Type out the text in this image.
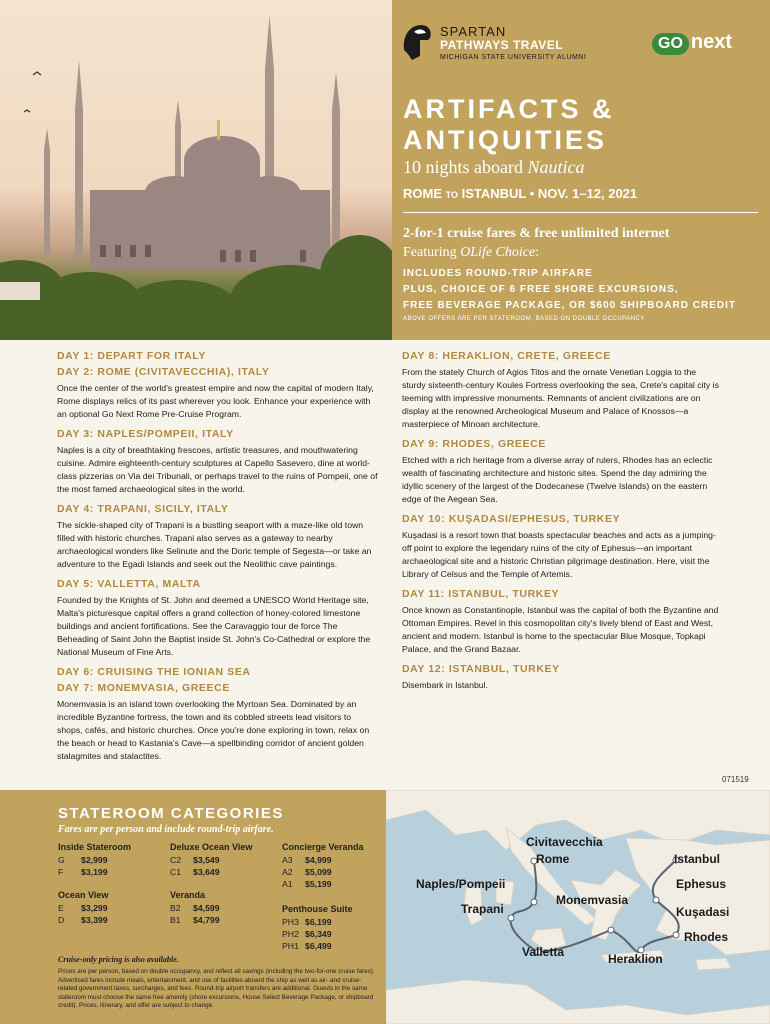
SPARTAN
PATHWAYS TRAVEL
MICHIGAN STATE UNIVERSITY ALUMNI
GO next
ARTIFACTS &
ANTIQUITIES
10 nights aboard Nautica
ROME TO ISTANBUL • NOV. 1–12, 2021
2-for-1 cruise fares & free unlimited internet
Featuring OLife Choice:
INCLUDES ROUND-TRIP AIRFARE
PLUS, CHOICE OF 6 FREE SHORE EXCURSIONS,
FREE BEVERAGE PACKAGE, OR $600 SHIPBOARD CREDIT
ABOVE OFFERS ARE PER STATEROOM, BASED ON DOUBLE OCCUPANCY
DAY 1: DEPART FOR ITALY
DAY 2: ROME (CIVITAVECCHIA), ITALY
Once the center of the world's greatest empire and now the capital of modern Italy, Rome displays relics of its past wherever you look. Enhance your experience with an optional Go Next Rome Pre-Cruise Program.
DAY 3: NAPLES/POMPEII, ITALY
Naples is a city of breathtaking frescoes, artistic treasures, and mouthwatering cuisine. Admire eighteenth-century sculptures at Capello Sasevero, dine at world-class pizzerias on Via dei Tribunali, or perhaps travel to the ruins of Pompeii, one of the most famed archaeological sites in the world.
DAY 4: TRAPANI, SICILY, ITALY
The sickle-shaped city of Trapani is a bustling seaport with a maze-like old town filled with historic churches. Trapani also serves as a gateway to nearby archaeological wonders like Selinute and the Doric temple of Segesta—or take an adventure to the Egadi Islands and seek out the Neolithic cave paintings.
DAY 5: VALLETTA, MALTA
Founded by the Knights of St. John and deemed a UNESCO World Heritage site, Malta's picturesque capital offers a grand collection of honey-colored limestone buildings and ancient fortifications. See the Caravaggio tour de force The Beheading of Saint John the Baptist inside St. John's Co-Cathedral or explore the National Museum of Fine Arts.
DAY 6: CRUISING THE IONIAN SEA
DAY 7: MONEMVASIA, GREECE
Monemvasia is an island town overlooking the Myrtoan Sea. Dominated by an incredible Byzantine fortress, the town and its cobbled streets lead visitors to shops, cafés, and historic churches. Once you're done exploring in town, relax on the beach or head to Kastania's Cave—a spellbinding corridor of ancient golden stalagmites and stalactites.
DAY 8: HERAKLION, CRETE, GREECE
From the stately Church of Agios Titos and the ornate Venetian Loggia to the sturdy sixteenth-century Koules Fortress overlooking the sea, Crete's capital city is teeming with impressive monuments. Remnants of ancient civilizations are on display at the renowned Archeological Museum and Palace of Knossos—a masterpiece of Minoan architecture.
DAY 9: RHODES, GREECE
Etched with a rich heritage from a diverse array of rulers, Rhodes has an eclectic wealth of fascinating architecture and historic sites. Spend the day admiring the idyllic scenery of the largest of the Dodecanese (Twelve Islands) on the eastern edge of the Aegean Sea.
DAY 10: KUŞADASI/EPHESUS, TURKEY
Kuşadasi is a resort town that boasts spectacular beaches and acts as a jumping-off point to explore the legendary ruins of the city of Ephesus—an important archaeological site and a historic Christian pilgrimage destination. Here, visit the Library of Celsus and the Temple of Artemis.
DAY 11: ISTANBUL, TURKEY
Once known as Constantinople, Istanbul was the capital of both the Byzantine and Ottoman Empires. Revel in this cosmopolitan city's lively blend of East and West, ancient and modern. Istanbul is home to the spectacular Blue Mosque, Topkapi Palace, and the Grand Bazaar.
DAY 12: ISTANBUL, TURKEY
Disembark in Istanbul.
071519
STATEROOM CATEGORIES
Fares are per person and include round-trip airfare.
Inside Stateroom
G	$2,999
F	$3,199
Ocean View
E	$3,299
D	$3,399
Deluxe Ocean View
C2	$3,549
C1	$3,649
Veranda
B2	$4,599
B1	$4,799
Concierge Veranda
A3	$4,999
A2	$5,099
A1	$5,199
Penthouse Suite
PH3 $6,199
PH2 $6,349
PH1 $6,499
Cruise-only pricing is also available.
Prices are per person, based on double occupancy, and reflect all savings (including the two-for-one cruise fares). Advertised fares include meals, entertainment, and use of facilities aboard the ship as well as air- and cruise-related government taxes, surcharges, and fees. Round-trip airport transfers are additional. Guests in the same stateroom must choose the same free amenity (shore excursions, House Select Beverage Package, or shipboard credit). Prices, itinerary, and offer are subject to change.
Civitavecchia
Rome
Naples/Pompeii
Trapani
Valletta
Monemvasia
Heraklion
Istanbul
Ephesus
Kuşadasi
Rhodes
